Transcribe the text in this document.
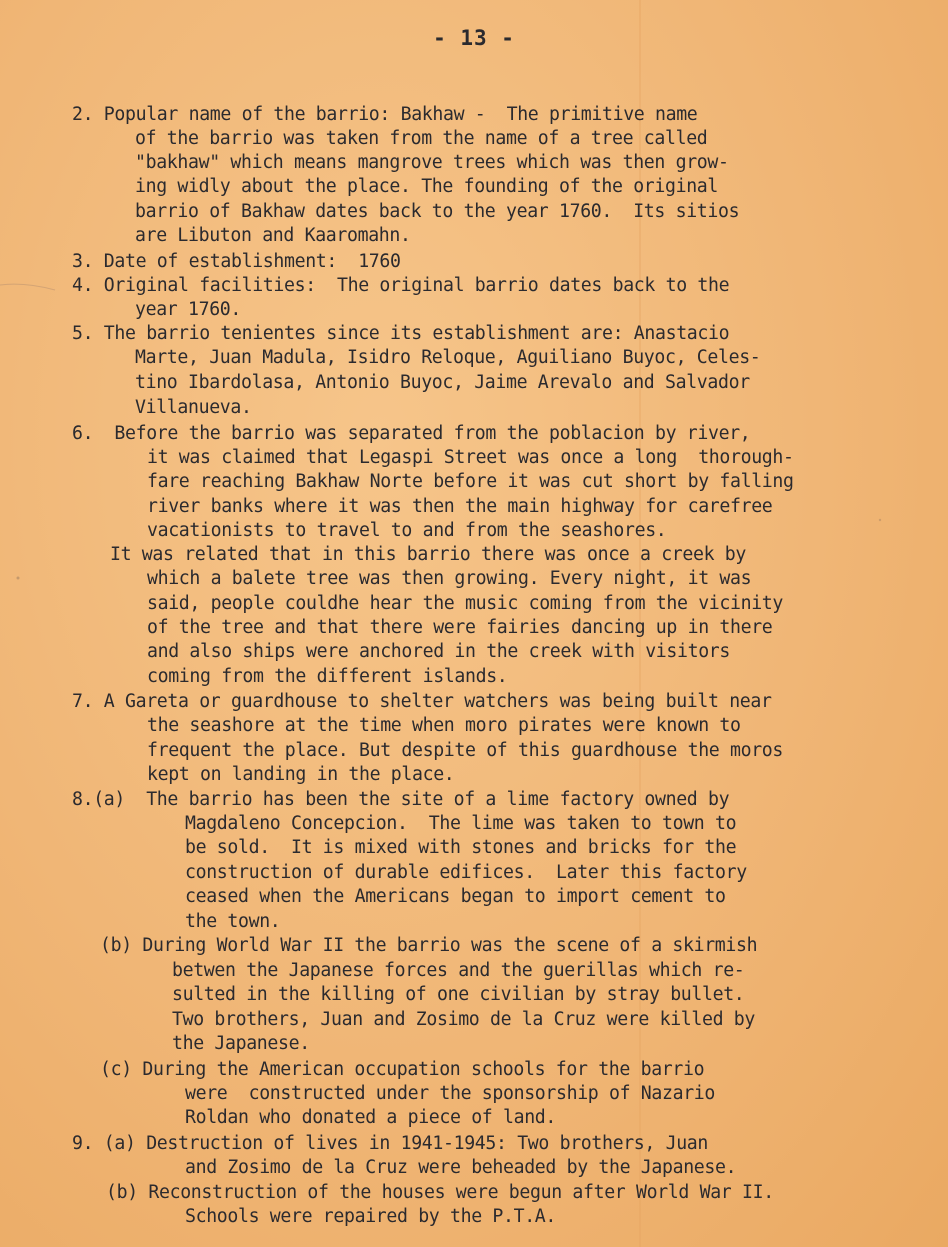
- 13 -
2. Popular name of the barrio: Bakhaw -  The primitive name
of the barrio was taken from the name of a tree called
"bakhaw" which means mangrove trees which was then grow-
ing widly about the place. The founding of the original
barrio of Bakhaw dates back to the year 1760.  Its sitios
are Libuton and Kaaromahn.
3. Date of establishment:  1760
4. Original facilities:  The original barrio dates back to the
year 1760.
5. The barrio tenientes since its establishment are: Anastacio
Marte, Juan Madula, Isidro Reloque, Aguiliano Buyoc, Celes-
tino Ibardolasa, Antonio Buyoc, Jaime Arevalo and Salvador
Villanueva.
6.  Before the barrio was separated from the poblacion by river,
it was claimed that Legaspi Street was once a long  thorough-
fare reaching Bakhaw Norte before it was cut short by falling
river banks where it was then the main highway for carefree
vacationists to travel to and from the seashores.
It was related that in this barrio there was once a creek by
which a balete tree was then growing. Every night, it was
said, people couldhe hear the music coming from the vicinity
of the tree and that there were fairies dancing up in there
and also ships were anchored in the creek with visitors
coming from the different islands.
7. A Gareta or guardhouse to shelter watchers was being built near
the seashore at the time when moro pirates were known to
frequent the place. But despite of this guardhouse the moros
kept on landing in the place.
8.(a)  The barrio has been the site of a lime factory owned by
Magdaleno Concepcion.  The lime was taken to town to
be sold.  It is mixed with stones and bricks for the
construction of durable edifices.  Later this factory
ceased when the Americans began to import cement to
the town.
(b) During World War II the barrio was the scene of a skirmish
betwen the Japanese forces and the guerillas which re-
sulted in the killing of one civilian by stray bullet.
Two brothers, Juan and Zosimo de la Cruz were killed by
the Japanese.
(c) During the American occupation schools for the barrio
were  constructed under the sponsorship of Nazario
Roldan who donated a piece of land.
9. (a) Destruction of lives in 1941-1945: Two brothers, Juan
and Zosimo de la Cruz were beheaded by the Japanese.
(b) Reconstruction of the houses were begun after World War II.
Schools were repaired by the P.T.A.
